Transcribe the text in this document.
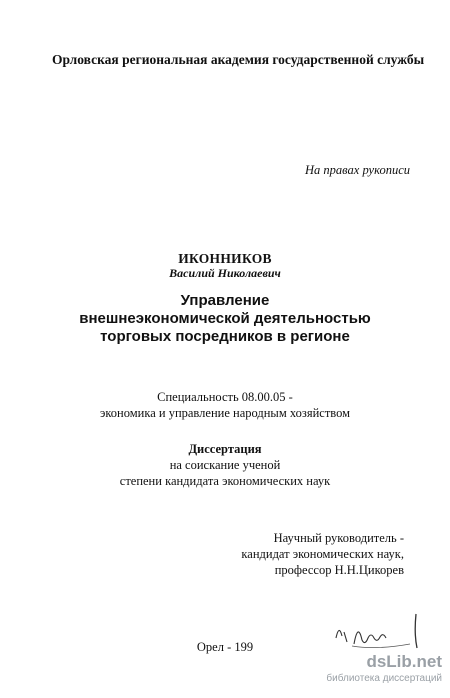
Орловская региональная академия государственной службы
На правах рукописи
ИКОННИКОВ
Василий Николаевич
Управление
внешнеэкономической деятельностью
торговых посредников в регионе
Специальность 08.00.05 -
экономика и управление народным хозяйством
Диссертация
на соискание ученой
степени кандидата экономических наук
Научный руководитель -
кандидат экономических наук,
профессор Н.Н.Цикорев
Орел - 199
dsLib.net
библиотека диссертаций
